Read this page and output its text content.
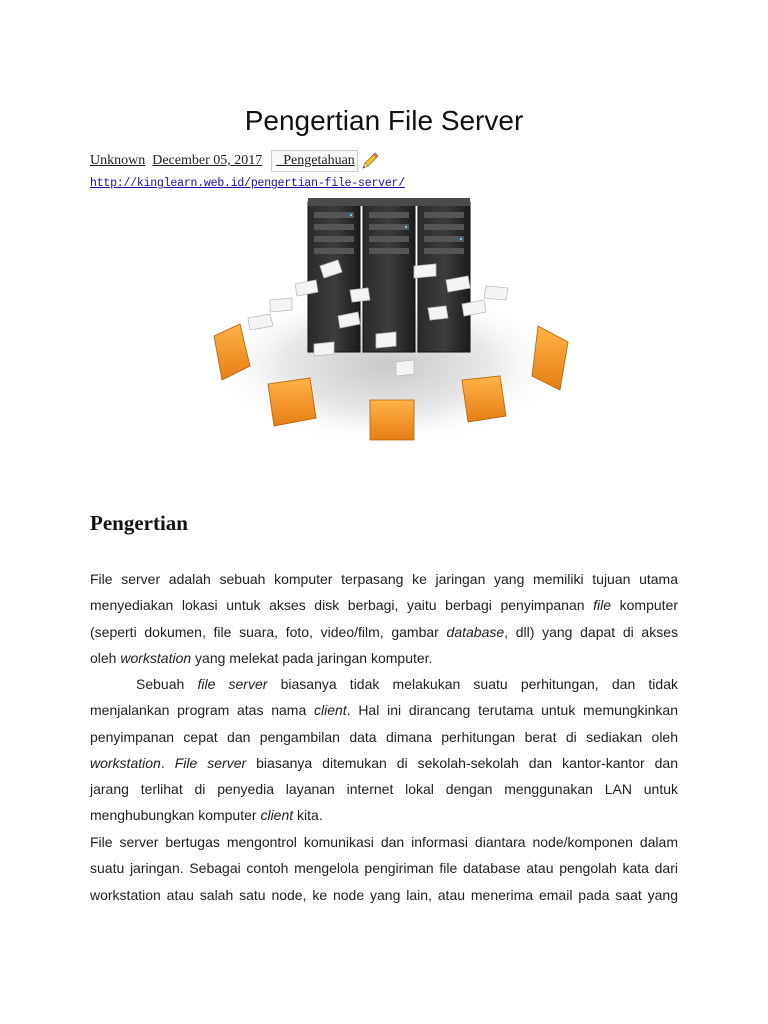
Pengertian File Server
Unknown December 05, 2017	_Pengetahuan
http://kinglearn.web.id/pengertian-file-server/
Pengertian

File server adalah sebuah komputer terpasang ke jaringan yang memiliki tujuan utama
menyediakan lokasi untuk akses disk berbagi, yaitu berbagi penyimpanan file komputer
(seperti dokumen, file suara, foto, video/film, gambar database, dll) yang dapat di akses
oleh workstation yang melekat pada jaringan komputer.

Sebuah file server biasanya tidak melakukan suatu perhitungan, dan tidak
menjalankan program atas nama client. Hal ini dirancang terutama untuk memungkinkan
penyimpanan cepat dan pengambilan data dimana perhitungan berat di sediakan oleh
workstation. File server biasanya ditemukan di sekolah-sekolah dan kantor-kantor dan
jarang terlihat di penyedia layanan internet lokal dengan menggunakan LAN untuk
menghubungkan komputer client kita.

File server bertugas mengontrol komunikasi dan informasi diantara node/komponen dalam
suatu jaringan. Sebagai contoh mengelola pengiriman file database atau pengolah kata dari
workstation atau salah satu node, ke node yang lain, atau menerima email pada saat yang
